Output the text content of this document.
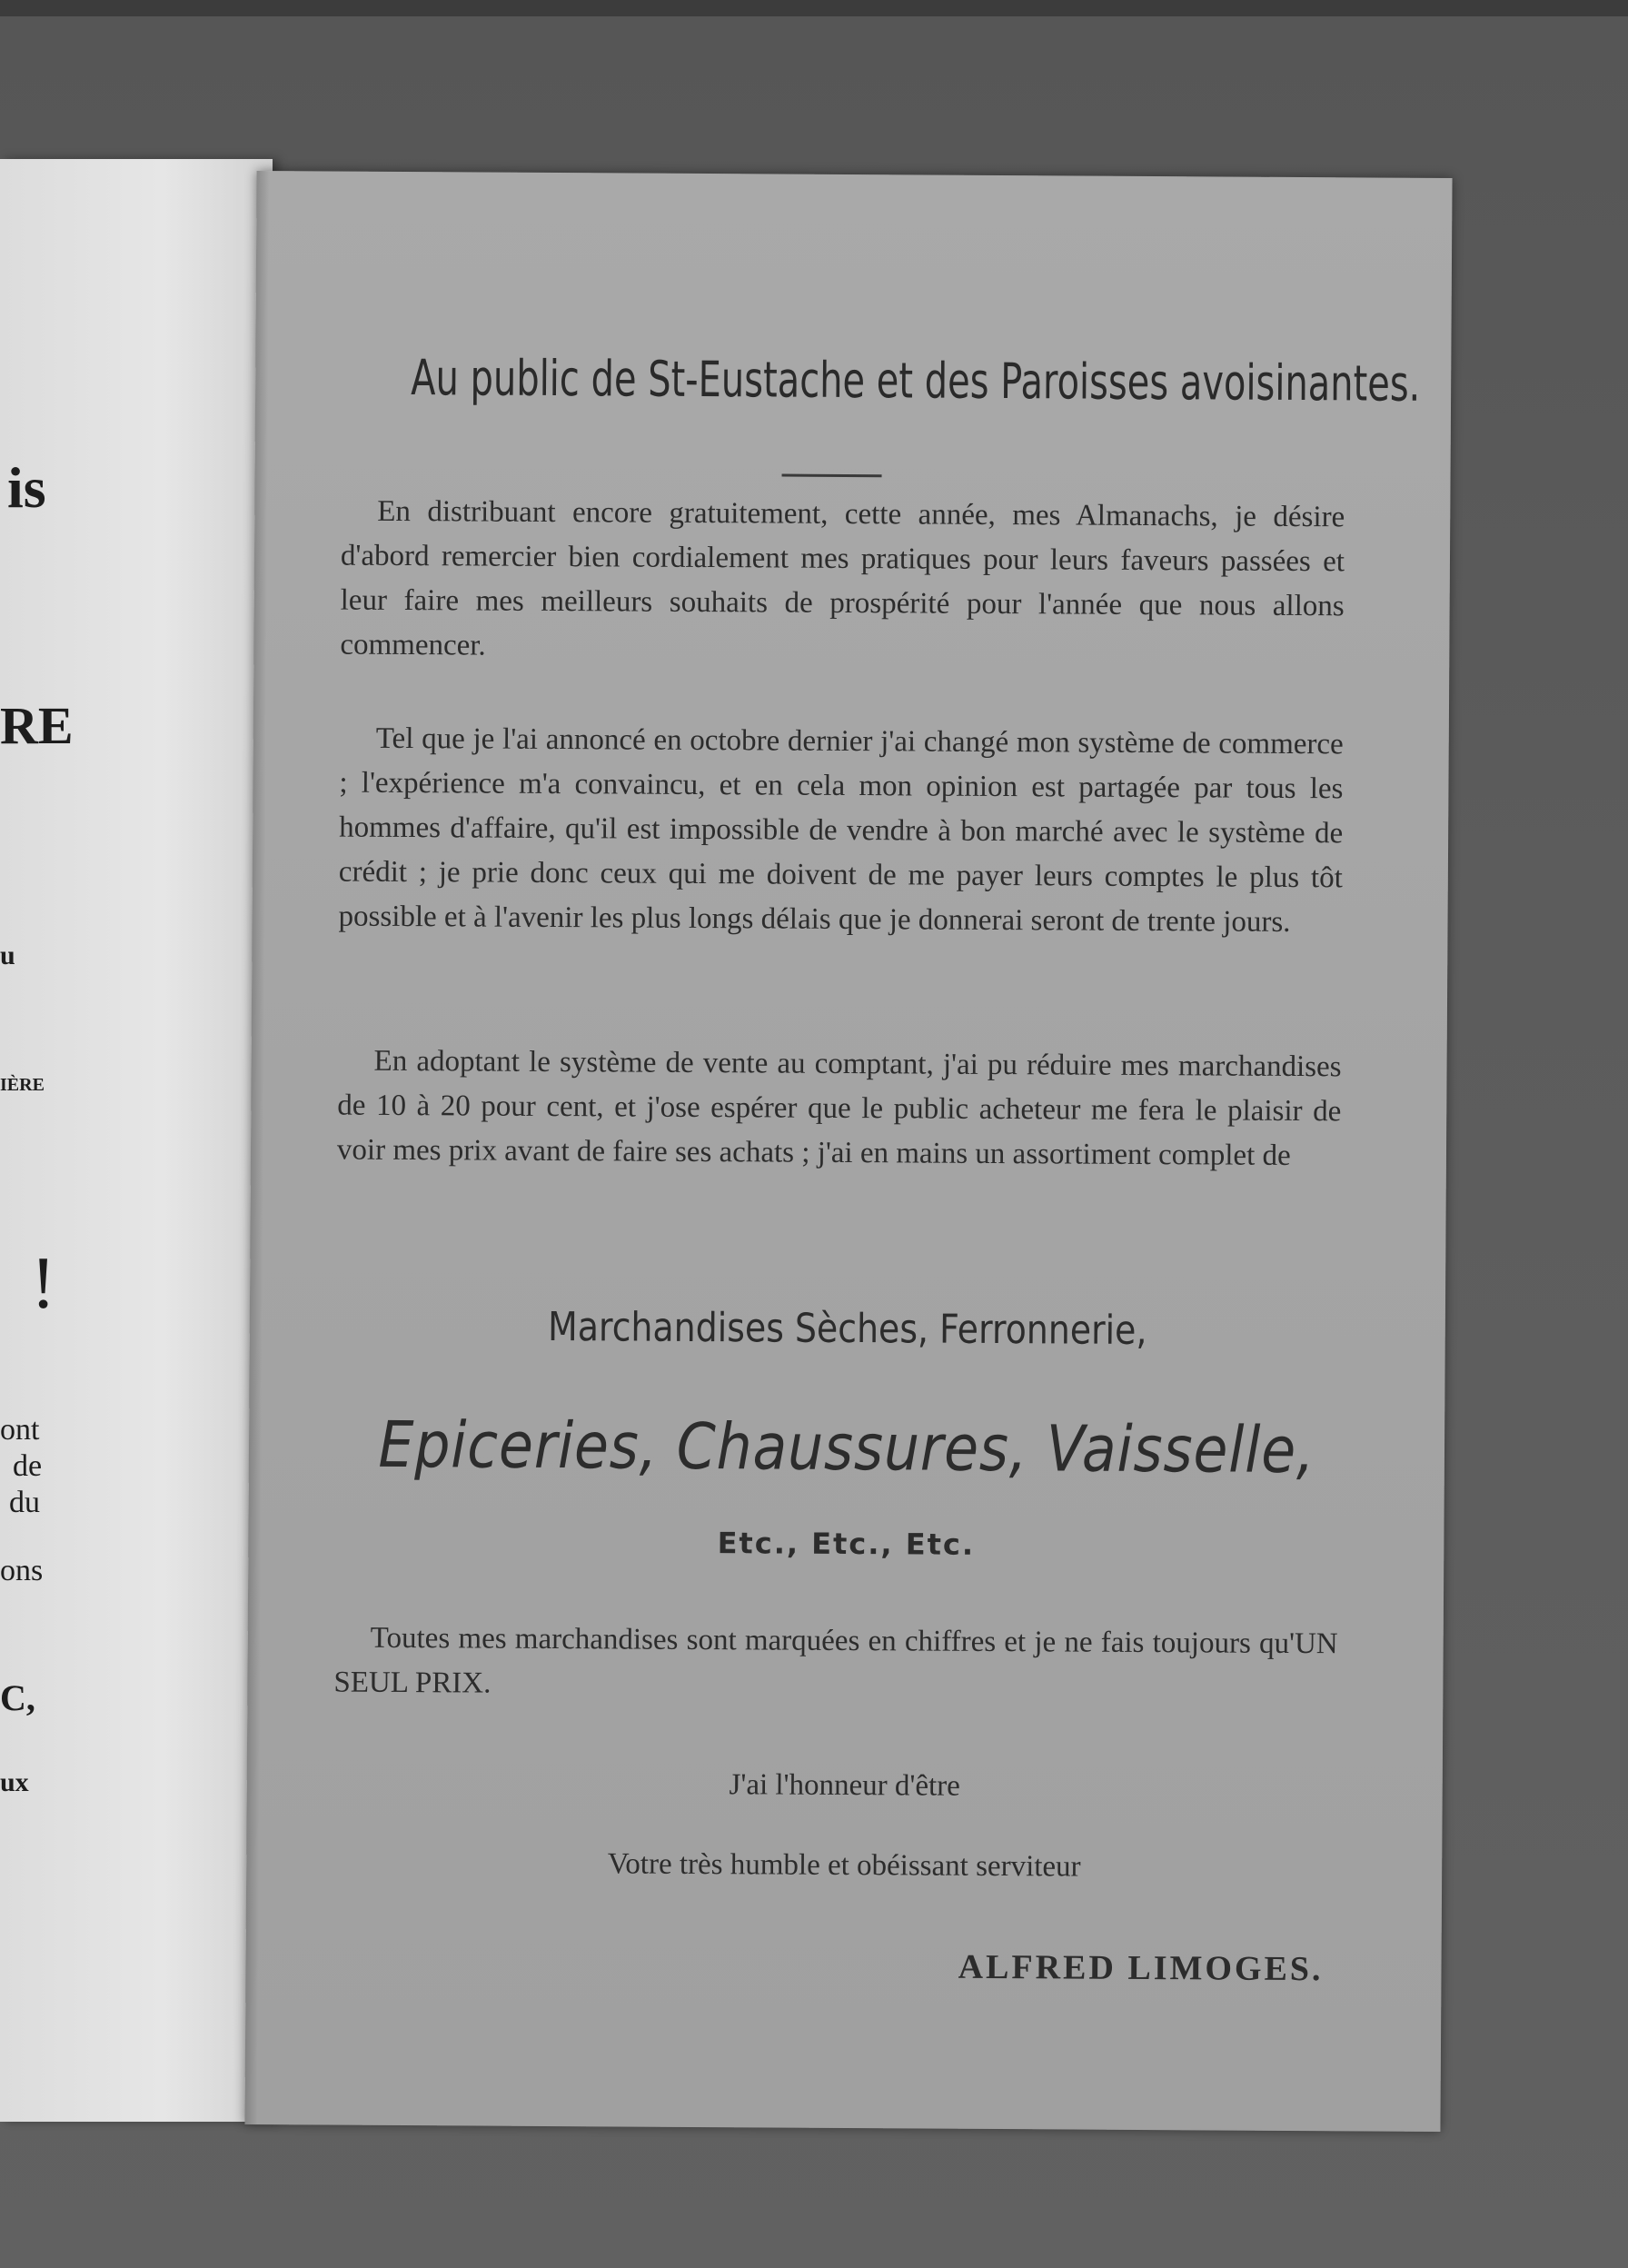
is
RE
u
IÈRE
!
ont
de
du
ons
C,
ux
Au public de St-Eustache et des Paroisses avoisinantes.

En distribuant encore gratuitement, cette année, mes Almanachs, je désire d'abord remercier bien cordialement mes pratiques pour leurs faveurs passées et leur faire mes meilleurs souhaits de prospérité pour l'année que nous allons commencer.

Tel que je l'ai annoncé en octobre dernier j'ai changé mon système de commerce ; l'expérience m'a convaincu, et en cela mon opinion est partagée par tous les hommes d'affaire, qu'il est impossible de vendre à bon marché avec le système de crédit ; je prie donc ceux qui me doivent de me payer leurs comptes le plus tôt possible et à l'avenir les plus longs délais que je donnerai seront de trente jours.

En adoptant le système de vente au comptant, j'ai pu réduire mes marchandises de 10 à 20 pour cent, et j'ose espérer que le public acheteur me fera le plaisir de voir mes prix avant de faire ses achats ; j'ai en mains un assortiment complet de

Marchandises Sèches, Ferronnerie,
Epiceries, Chaussures, Vaisselle,
Etc., Etc., Etc.

Toutes mes marchandises sont marquées en chiffres et je ne fais toujours qu'UN SEUL PRIX.

J'ai l'honneur d'être
Votre très humble et obéissant serviteur
ALFRED LIMOGES.
